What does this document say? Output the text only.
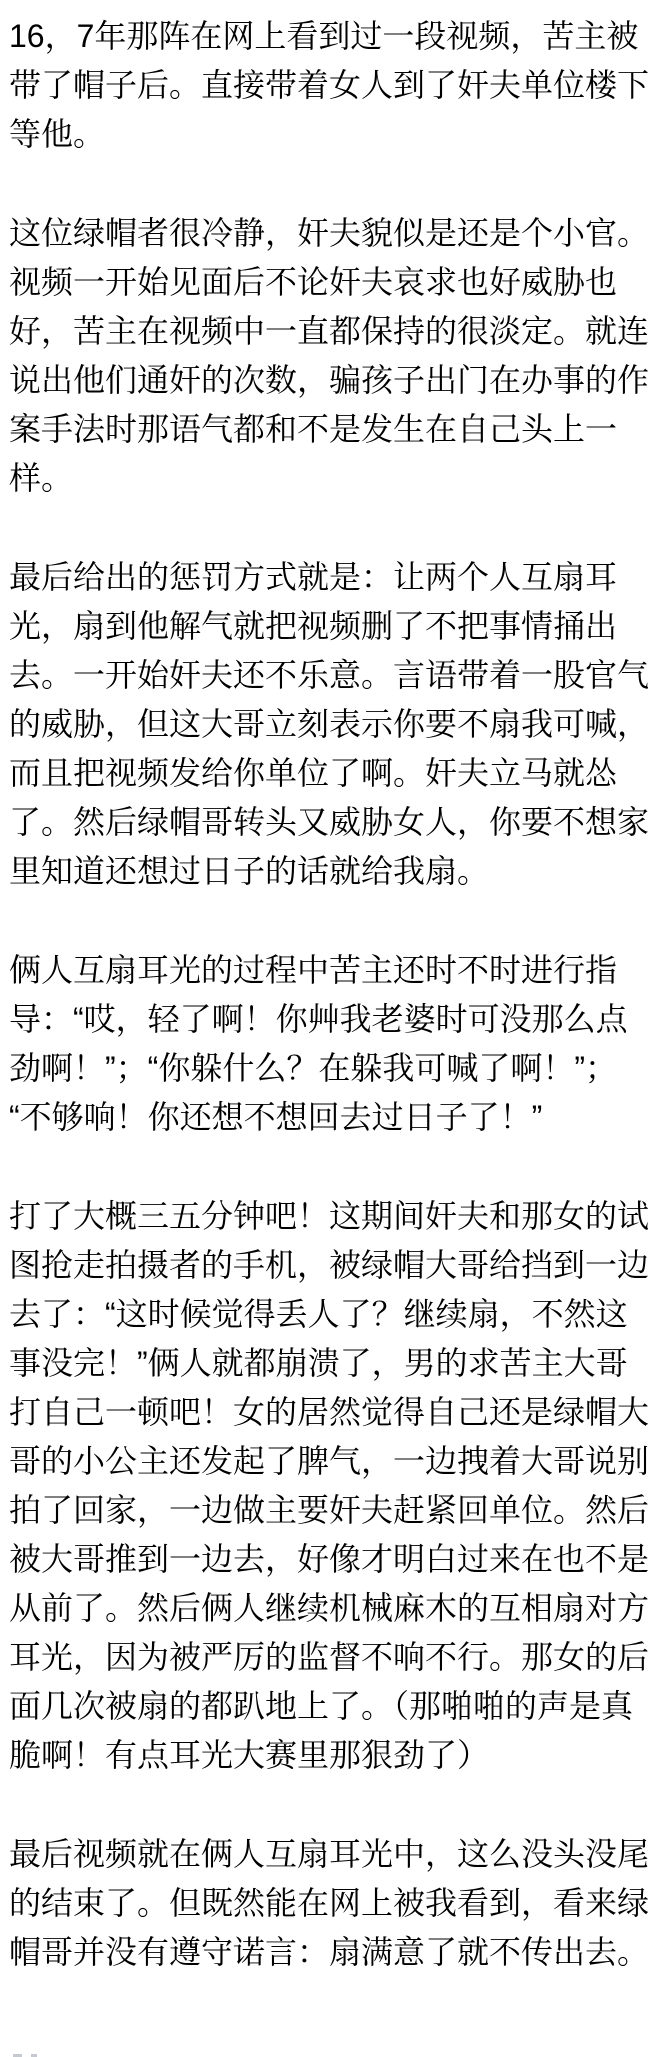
16，7年那阵在网上看到过一段视频，苦主被带了帽子后。直接带着女人到了奸夫单位楼下等他。

这位绿帽者很冷静，奸夫貌似是还是个小官。视频一开始见面后不论奸夫哀求也好威胁也好，苦主在视频中一直都保持的很淡定。就连说出他们通奸的次数，骗孩子出门在办事的作案手法时那语气都和不是发生在自己头上一样。

最后给出的惩罚方式就是：让两个人互扇耳光，扇到他解气就把视频删了不把事情捅出去。一开始奸夫还不乐意。言语带着一股官气的威胁，但这大哥立刻表示你要不扇我可喊，而且把视频发给你单位了啊。奸夫立马就怂了。然后绿帽哥转头又威胁女人，你要不想家里知道还想过日子的话就给我扇。

俩人互扇耳光的过程中苦主还时不时进行指导：“哎，轻了啊！你艸我老婆时可没那么点劲啊！”；“你躲什么？在躲我可喊了啊！”；“不够响！你还想不想回去过日子了！”

打了大概三五分钟吧！这期间奸夫和那女的试图抢走拍摄者的手机，被绿帽大哥给挡到一边去了：“这时候觉得丢人了？继续扇，不然这事没完！”俩人就都崩溃了，男的求苦主大哥打自己一顿吧！女的居然觉得自己还是绿帽大哥的小公主还发起了脾气，一边拽着大哥说别拍了回家，一边做主要奸夫赶紧回单位。然后被大哥推到一边去，好像才明白过来在也不是从前了。然后俩人继续机械麻木的互相扇对方耳光，因为被严厉的监督不响不行。那女的后面几次被扇的都趴地上了。（那啪啪的声是真脆啊！有点耳光大赛里那狠劲了）

最后视频就在俩人互扇耳光中，这么没头没尾的结束了。但既然能在网上被我看到，看来绿帽哥并没有遵守诺言：扇满意了就不传出去。
